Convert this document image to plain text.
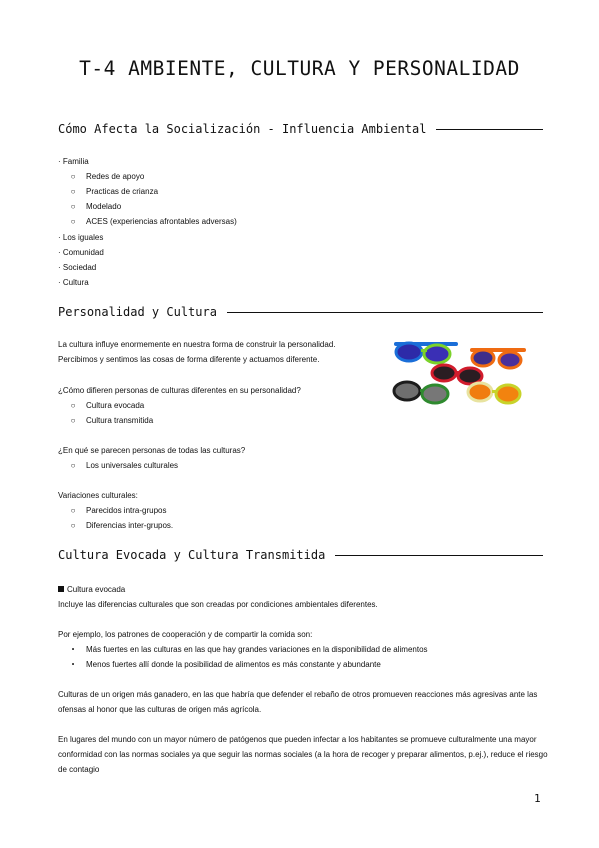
T-4 AMBIENTE, CULTURA Y PERSONALIDAD
Cómo Afecta la Socialización - Influencia Ambiental
· Familia
○ Redes de apoyo
○ Practicas de crianza
○ Modelado
○ ACES (experiencias afrontables adversas)
· Los iguales
· Comunidad
· Sociedad
· Cultura
Personalidad y Cultura
La cultura influye enormemente en nuestra forma de construir la personalidad.
Percibimos y sentimos las cosas de forma diferente y actuamos diferente.
¿Cómo difieren personas de culturas diferentes en su personalidad?
○ Cultura evocada
○ Cultura transmitida
¿En qué se parecen personas de todas las culturas?
○ Los universales culturales
Variaciones culturales:
○ Parecidos intra-grupos
○ Diferencias inter-grupos.
Cultura Evocada y Cultura Transmitida
Cultura evocada
Incluye las diferencias culturales que son creadas por condiciones ambientales diferentes.
Por ejemplo, los patrones de cooperación y de compartir la comida son:
• Más fuertes en las culturas en las que hay grandes variaciones en la disponibilidad de alimentos
• Menos fuertes allí donde la posibilidad de alimentos es más constante y abundante
Culturas de un origen más ganadero, en las que habría que defender el rebaño de otros promueven reacciones más agresivas ante las ofensas al honor que las culturas de origen más agrícola.
En lugares del mundo con un mayor número de patógenos que pueden infectar a los habitantes se promueve culturalmente una mayor conformidad con las normas sociales ya que seguir las normas sociales (a la hora de recoger y preparar alimentos, p.ej.), reduce el riesgo de contagio
1
